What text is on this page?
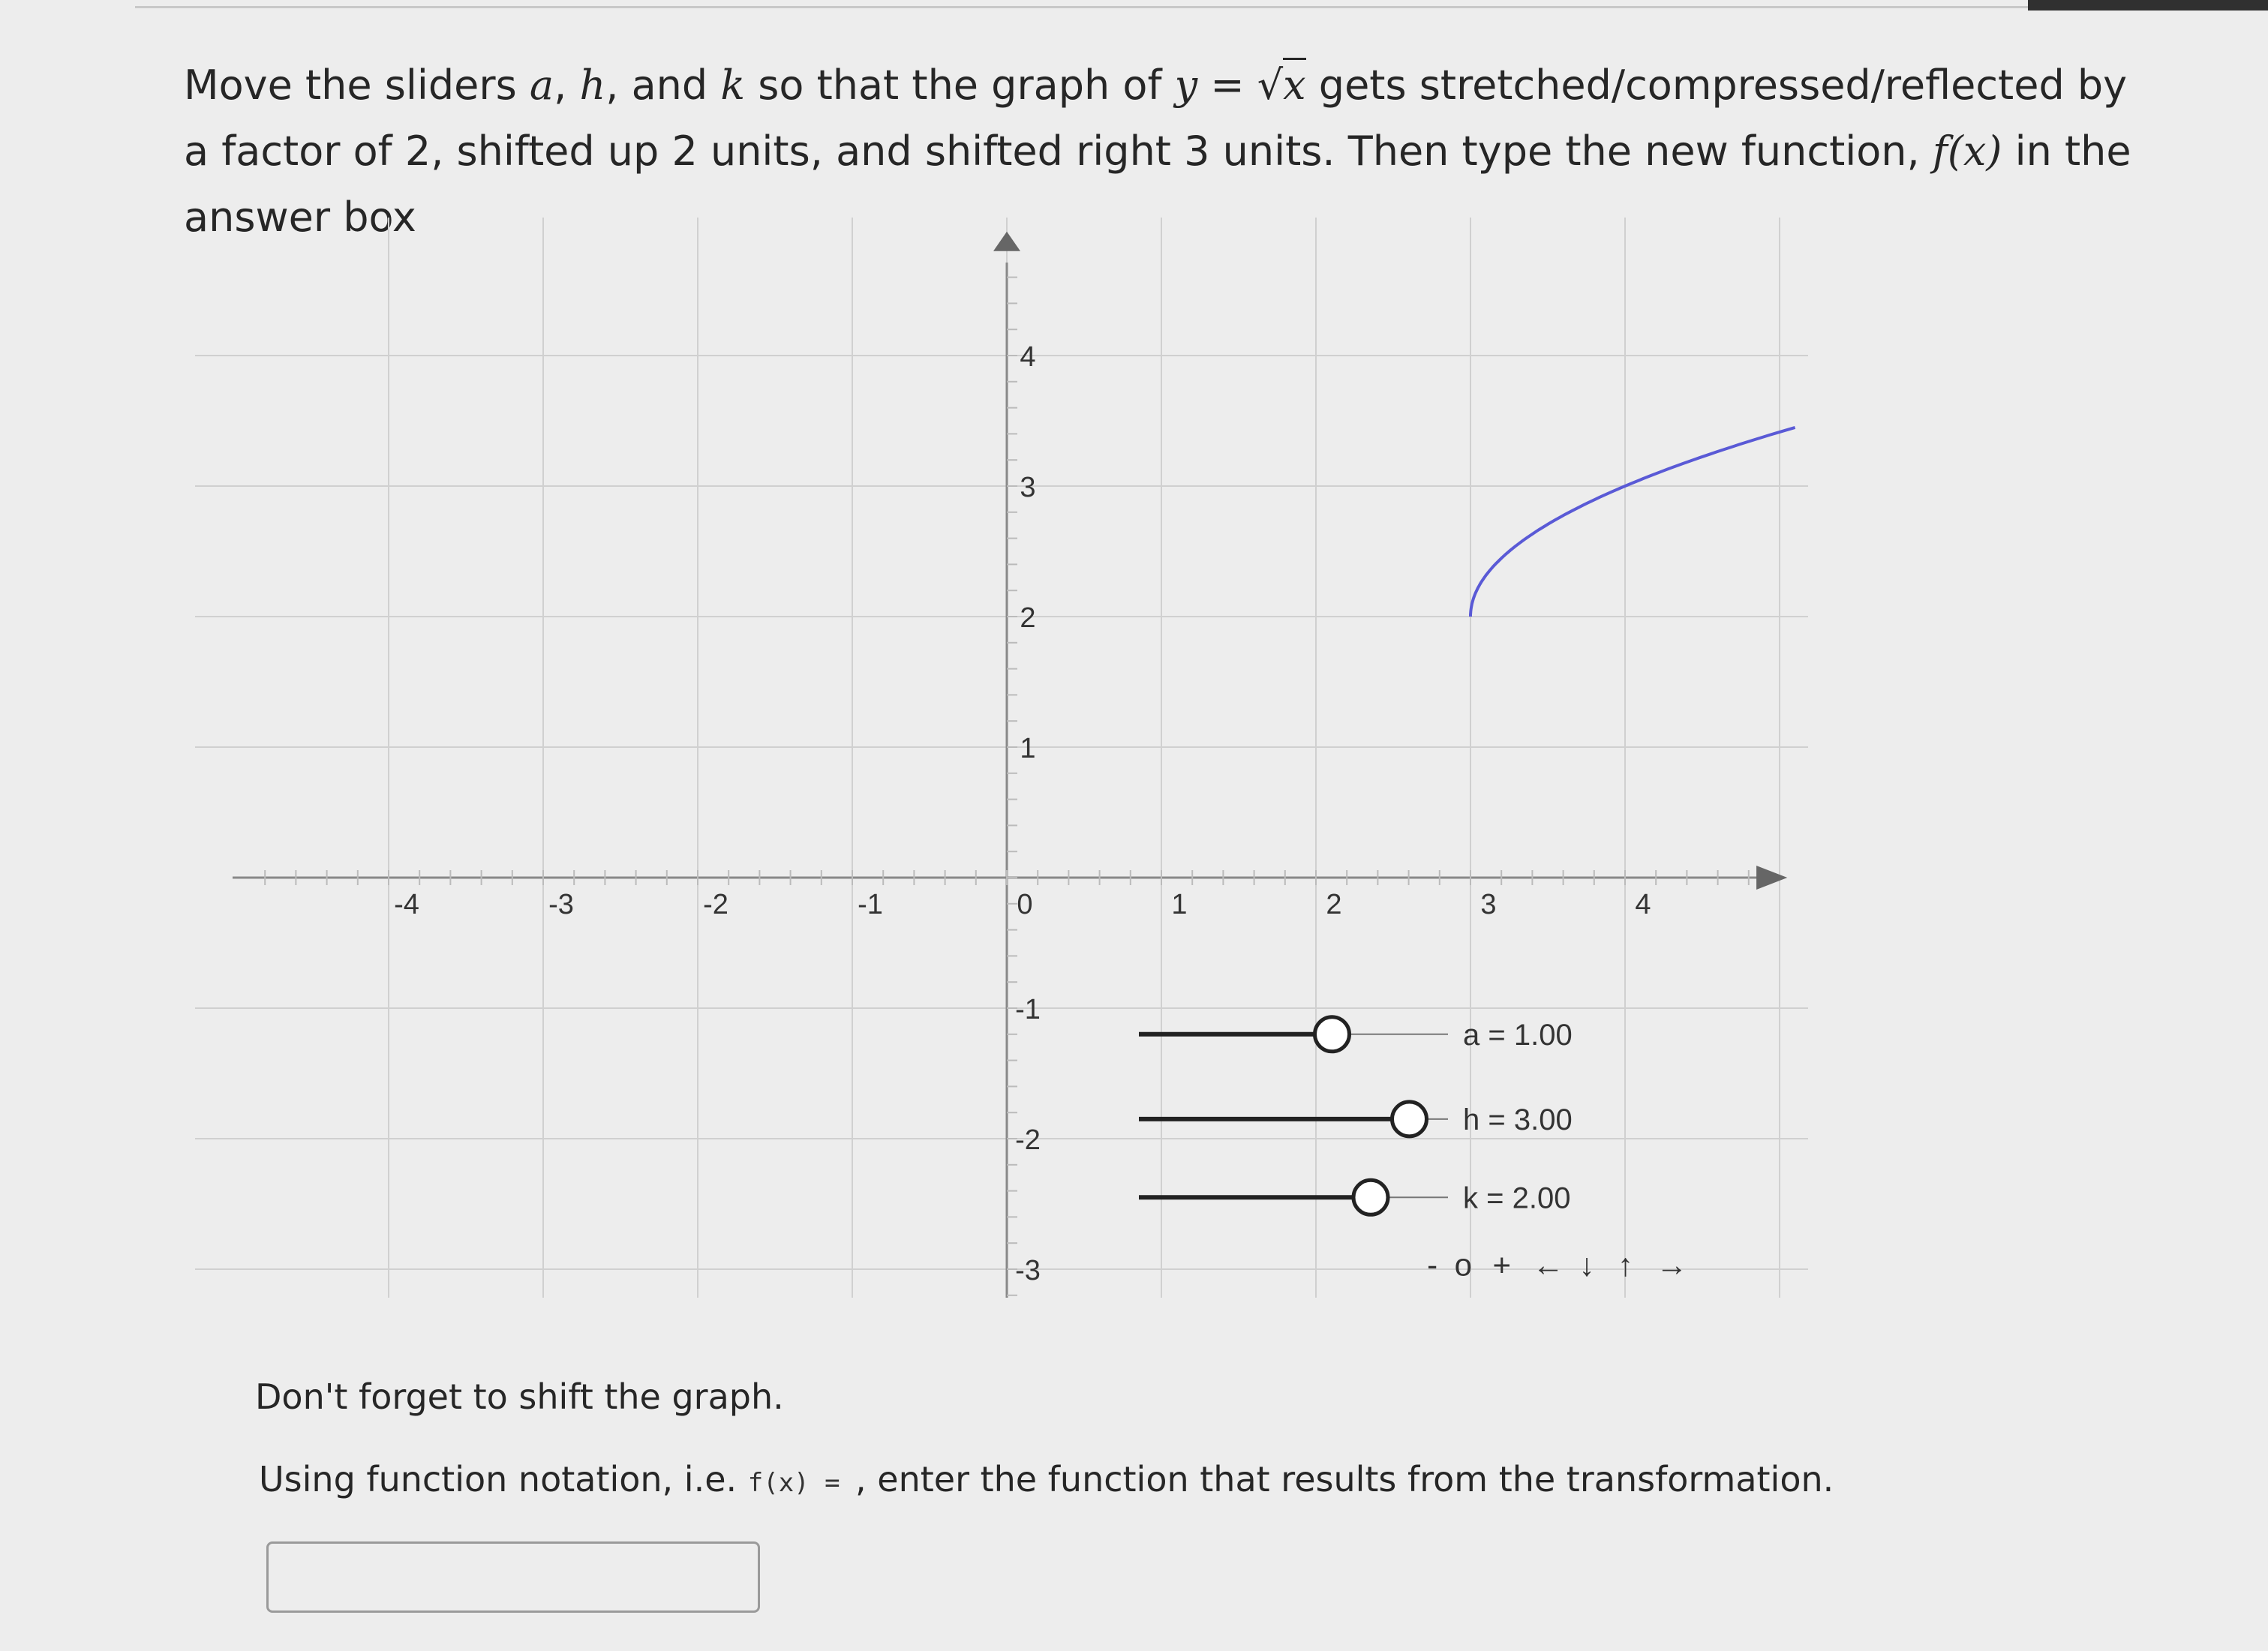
Move the sliders a, h, and k so that the graph of y = √x gets stretched/compressed/reflected by a factor of 2, shifted up 2 units, and shifted right 3 units. Then type the new function, f(x) in the answer box
-4	-3	-2	-1	0	1	2	3	4
4
3
2
1
-1
-2
-3
a = 1.00
h = 3.00
k = 2.00
- o + ← ↓ ↑ →
Don't forget to shift the graph.
Using function notation, i.e. f(x) = , enter the function that results from the transformation.
